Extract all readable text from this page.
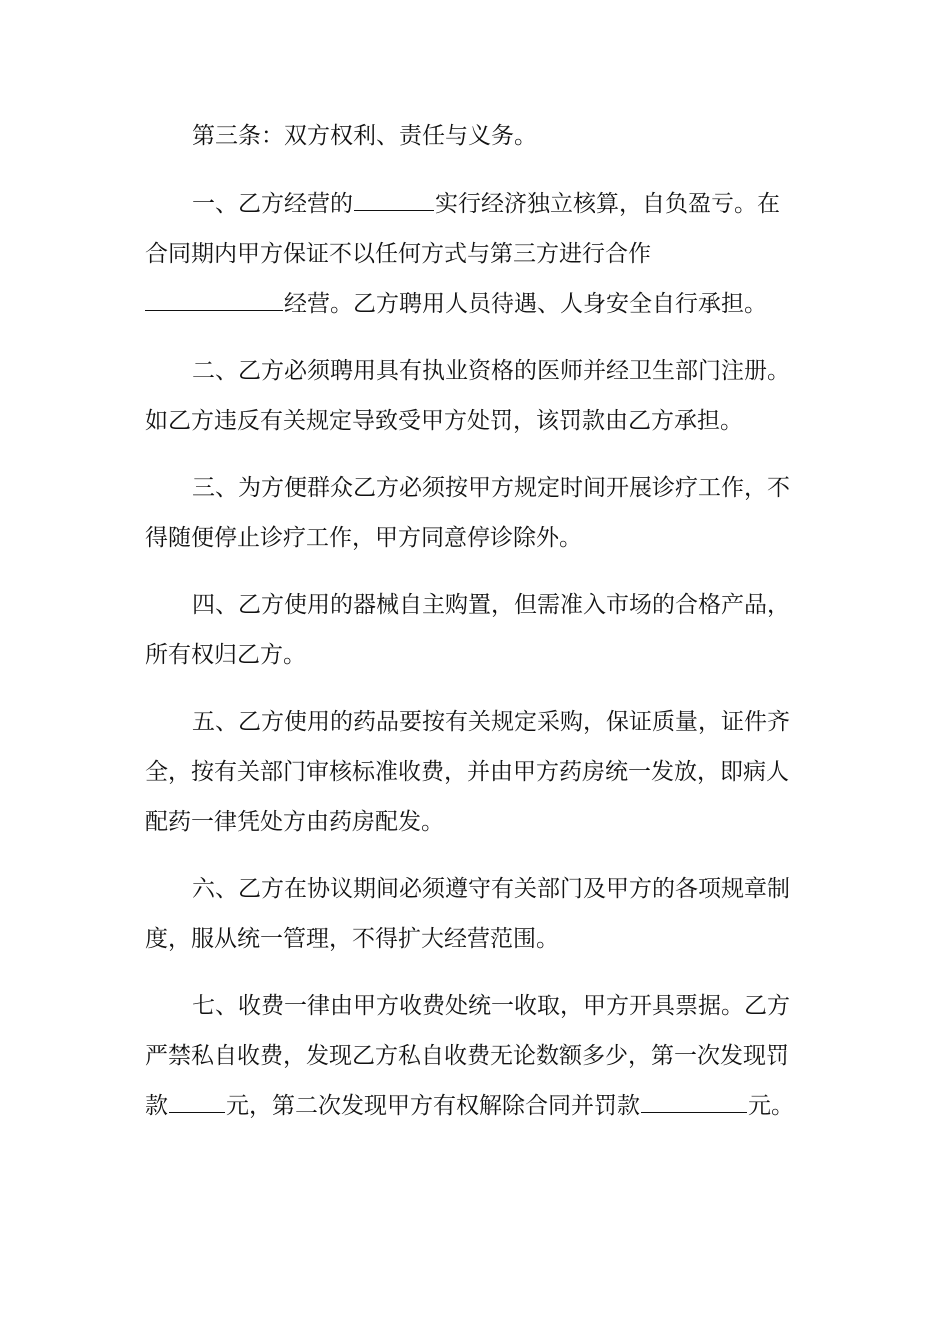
第三条：双方权利、责任与义务。
一、乙方经营的	实行经济独立核算，自负盈亏。在
合同期内甲方保证不以任何方式与第三方进行合作
经营。乙方聘用人员待遇、人身安全自行承担。
二、乙方必须聘用具有执业资格的医师并经卫生部门注册。
如乙方违反有关规定导致受甲方处罚，该罚款由乙方承担。
三、为方便群众乙方必须按甲方规定时间开展诊疗工作，不
得随便停止诊疗工作，甲方同意停诊除外。
四、乙方使用的器械自主购置，但需准入市场的合格产品，
所有权归乙方。
五、乙方使用的药品要按有关规定采购，保证质量，证件齐
全，按有关部门审核标准收费，并由甲方药房统一发放，即病人
配药一律凭处方由药房配发。
六、乙方在协议期间必须遵守有关部门及甲方的各项规章制
度，服从统一管理，不得扩大经营范围。
七、收费一律由甲方收费处统一收取，甲方开具票据。乙方
严禁私自收费，发现乙方私自收费无论数额多少，第一次发现罚
款	元，第二次发现甲方有权解除合同并罚款	元。
